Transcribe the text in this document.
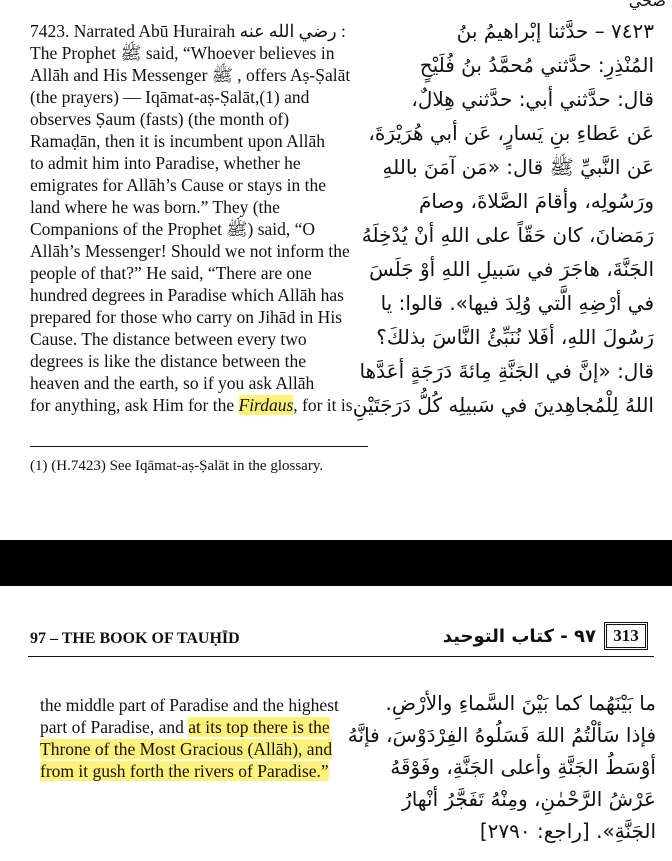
ضحي
7423. Narrated Abū Hurairah رضي الله عنه :
The Prophet ﷺ said, “Whoever believes in
Allāh and His Messenger ﷺ , offers Aṣ-Ṣalāt
(the prayers) — Iqāmat-aṣ-Ṣalāt,(1) and
observes Ṣaum (fasts) (the month of)
Ramaḍān, then it is incumbent upon Allāh
to admit him into Paradise, whether he
emigrates for Allāh’s Cause or stays in the
land where he was born.” They (the
Companions of the Prophet ﷺ) said, “O
Allāh’s Messenger! Should we not inform the
people of that?” He said, “There are one
hundred degrees in Paradise which Allāh has
prepared for those who carry on Jihād in His
Cause. The distance between every two
degrees is like the distance between the
heaven and the earth, so if you ask Allāh
for anything, ask Him for the Firdaus, for it is
٧٤٢٣ – حدَّثنا إبْراهيمُ بنُ
المُنْذِرِ: حدَّثني مُحمَّدُ بنُ فُلَيْحٍ
قال: حدَّثني أبي: حدَّثني هِلالٌ،
عَن عَطاءِ بنِ يَسارٍ، عَن أبي هُرَيْرَةَ،
عَن النَّبيِّ ﷺ قال: «مَن آمَنَ باللهِ
ورَسُولِه، وأقامَ الصَّلاةَ، وصامَ
رَمَضانَ، كان حَقّاً على اللهِ أنْ يُدْخِلَهُ
الجَنَّةَ، هاجَرَ في سَبيلِ اللهِ أوْ جَلَسَ
في أرْضِهِ الَّتي وُلِدَ فيها». قالوا: يا
رَسُولَ اللهِ، أفَلا نُنَبِّئُ النَّاسَ بذلكَ؟
قال: «إنَّ في الجَنَّةِ مِائةَ دَرَجَةٍ أعَدَّها
اللهُ لِلْمُجاهِدينَ في سَبيلِه كُلُّ دَرَجَتَيْنِ
(1) (H.7423) See Iqāmat-aṣ-Ṣalāt in the glossary.
97 – THE BOOK OF TAUḤĪD	٩٧ - كتاب التوحيد	313
the middle part of Paradise and the highest
part of Paradise, and at its top there is the
Throne of the Most Gracious (Allāh), and
from it gush forth the rivers of Paradise.”
ما بَيْنَهُما كما بَيْنَ السَّماءِ والأرْضِ.
فإذا سَألْتُمُ اللهَ فَسَلُوهُ الفِرْدَوْسَ، فإنَّهُ
أوْسَطُ الجَنَّةِ وأعلى الجَنَّةِ، وفَوْقَهُ
عَرْشُ الرَّحْمٰنِ، ومِنْهُ تَفَجَّرُ أنْهارُ
الجَنَّةِ». [راجع: ٢٧٩٠]
